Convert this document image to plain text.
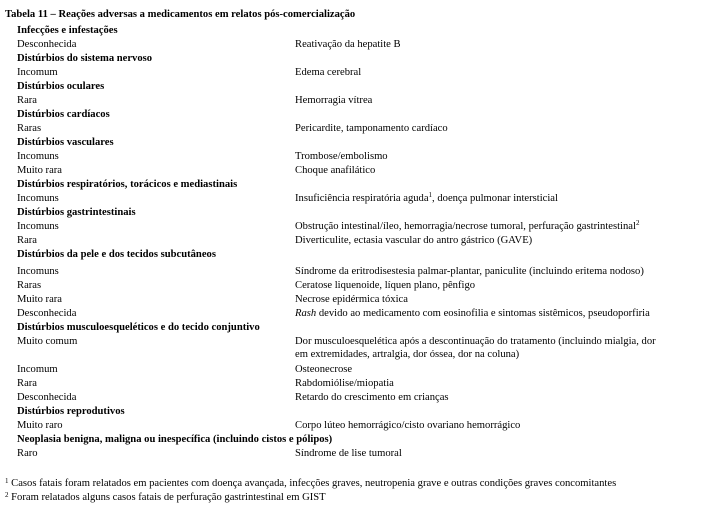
Tabela 11 – Reações adversas a medicamentos em relatos pós-comercialização
Infecções e infestações
Desconhecida	Reativação da hepatite B
Distúrbios do sistema nervoso
Incomum	Edema cerebral
Distúrbios oculares
Rara	Hemorragia vítrea
Distúrbios cardíacos
Raras	Pericardite, tamponamento cardíaco
Distúrbios vasculares
Incomuns	Trombose/embolismo
Muito rara	Choque anafilático
Distúrbios respiratórios, torácicos e mediastinais
Incomuns	Insuficiência respiratória aguda$^1$, doença pulmonar intersticial
Distúrbios gastrintestinais
Incomuns	Obstrução intestinal/íleo, hemorragia/necrose tumoral, perfuração gastrintestinal$^2$
Rara	Diverticulite, ectasia vascular do antro gástrico (GAVE)
Distúrbios da pele e dos tecidos subcutâneos
Incomuns	Síndrome da eritrodisestesia palmar-plantar, paniculite (incluindo eritema nodoso)
Raras	Ceratose liquenoide, líquen plano, pênfigo
Muito rara	Necrose epidérmica tóxica
Desconhecida	Rash devido ao medicamento com eosinofilia e sintomas sistêmicos, pseudoporfiria
Distúrbios musculoesqueléticos e do tecido conjuntivo
Muito comum	Dor musculoesquelética após a descontinuação do tratamento (incluindo mialgia, dor
em extremidades, artralgia, dor óssea, dor na coluna)
Incomum	Osteonecrose
Rara	Rabdomiólise/miopatia
Desconhecida	Retardo do crescimento em crianças
Distúrbios reprodutivos
Muito raro	Corpo lúteo hemorrágico/cisto ovariano hemorrágico
Neoplasia benigna, maligna ou inespecífica (incluindo cistos e pólipos)
Raro	Síndrome de lise tumoral
$^1$ Casos fatais foram relatados em pacientes com doença avançada, infecções graves, neutropenia grave e outras condições graves concomitantes
$^2$ Foram relatados alguns casos fatais de perfuração gastrintestinal em GIST
